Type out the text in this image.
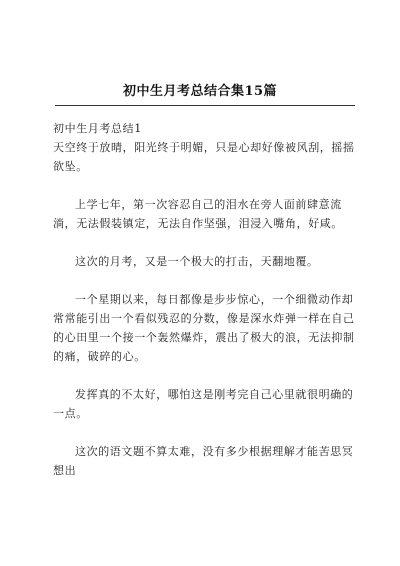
初中生月考总结合集15篇

初中生月考总结1

天空终于放晴，阳光终于明媚，只是心却好像被风刮，摇摇欲坠。

上学七年，第一次容忍自己的泪水在旁人面前肆意流淌，无法假装镇定，无法自作坚强，泪浸入嘴角，好咸。

这次的月考，又是一个极大的打击，天翻地覆。

一个星期以来，每日都像是步步惊心，一个细微动作却常常能引出一个看似残忍的分数，像是深水炸弹一样在自己的心田里一个接一个轰然爆炸，震出了极大的浪，无法抑制的痛，破碎的心。

发挥真的不太好，哪怕这是刚考完自己心里就很明确的一点。

这次的语文题不算太难，没有多少根据理解才能苦思冥想出
